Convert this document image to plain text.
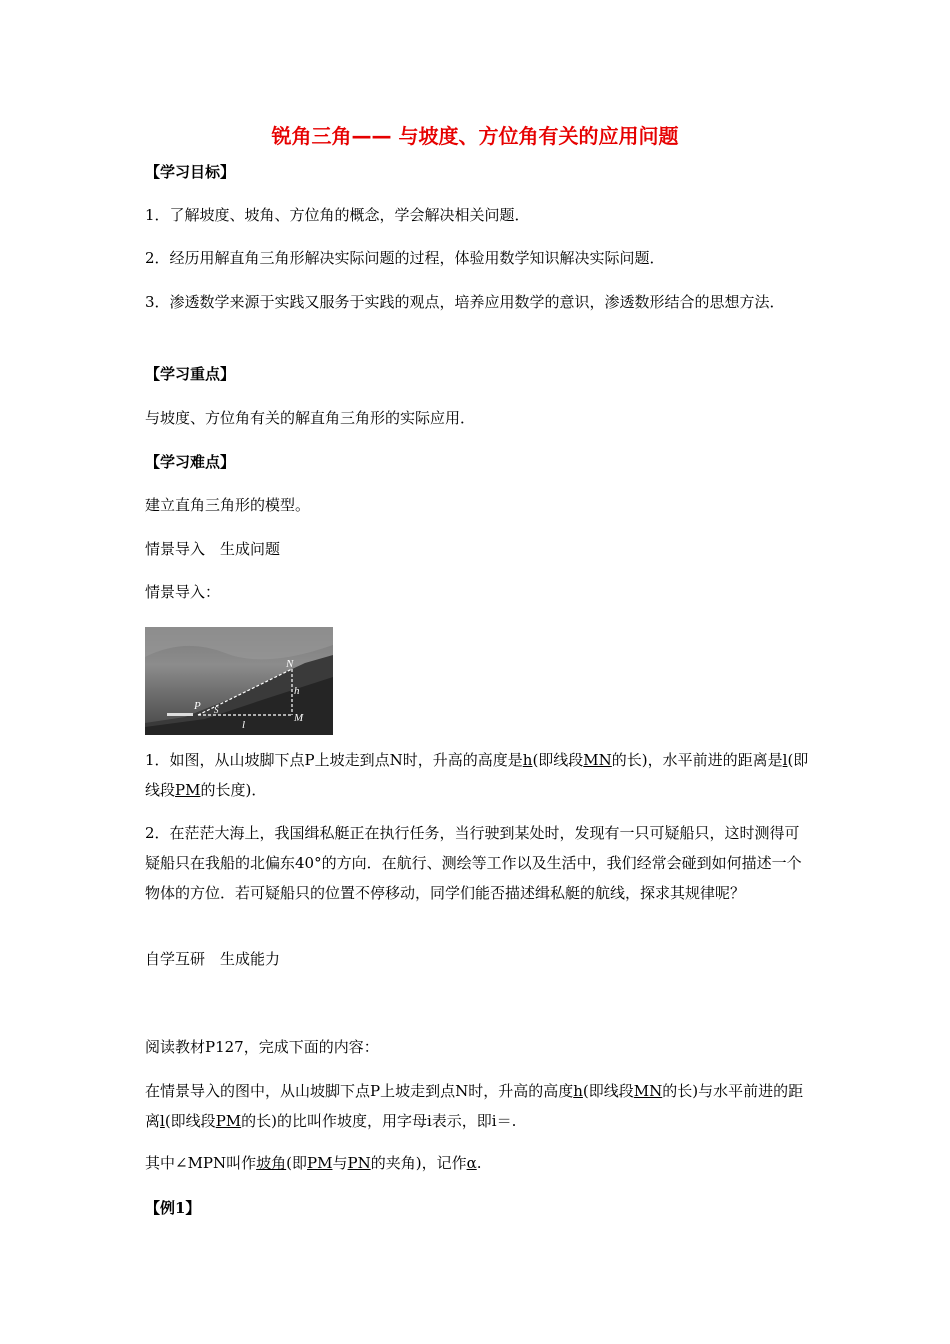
锐角三角—— 与坡度、方位角有关的应用问题
【学习目标】
1．了解坡度、坡角、方位角的概念，学会解决相关问题．
2．经历用解直角三角形解决实际问题的过程，体验用数学知识解决实际问题．
3．渗透数学来源于实践又服务于实践的观点，培养应用数学的意识，渗透数形结合的思想方法．
【学习重点】
与坡度、方位角有关的解直角三角形的实际应用．
【学习难点】
建立直角三角形的模型。
情景导入　生成问题
情景导入：
N
h
P S
l
M
1．如图，从山坡脚下点P上坡走到点N时，升高的高度是h(即线段MN的长)，水平前进的距离是l(即线段PM的长度)．
2．在茫茫大海上，我国缉私艇正在执行任务，当行驶到某处时，发现有一只可疑船只，这时测得可疑船只在我船的北偏东40°的方向．在航行、测绘等工作以及生活中，我们经常会碰到如何描述一个物体的方位．若可疑船只的位置不停移动，同学们能否描述缉私艇的航线，探求其规律呢？
自学互研　生成能力
阅读教材P127，完成下面的内容：
在情景导入的图中，从山坡脚下点P上坡走到点N时，升高的高度h(即线段MN的长)与水平前进的距离l(即线段PM的长)的比叫作坡度，用字母i表示，即i＝.
其中∠MPN叫作坡角(即PM与PN的夹角)，记作α.
【例1】
